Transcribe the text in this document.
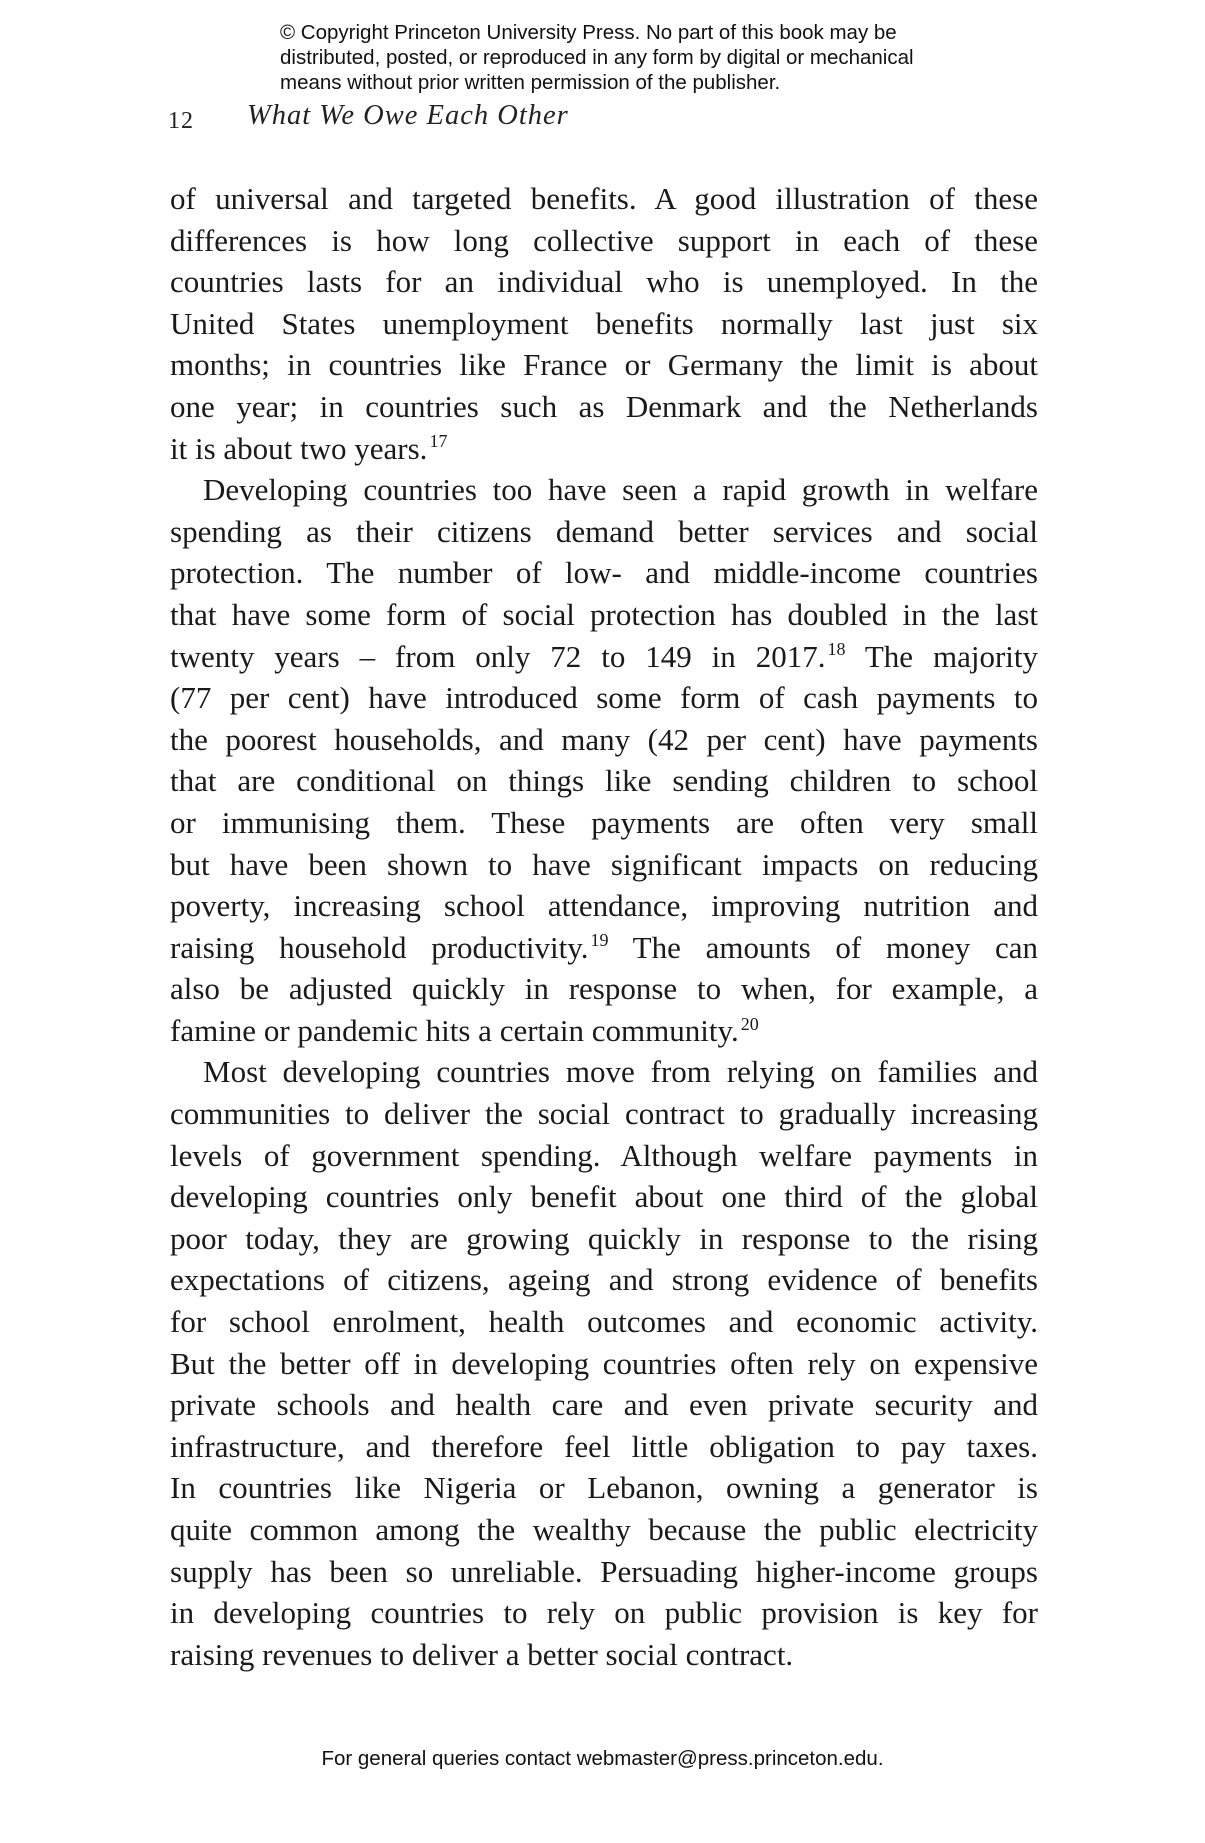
© Copyright Princeton University Press. No part of this book may be
distributed, posted, or reproduced in any form by digital or mechanical
means without prior written permission of the publisher.
12 What We Owe Each Other
of universal and targeted benefits. A good illustration of these
differences is how long collective support in each of these
countries lasts for an individual who is unemployed. In the
United States unemployment benefits normally last just six
months; in countries like France or Germany the limit is about
one year; in countries such as Denmark and the Netherlands
it is about two years. $^{17}$
Developing countries too have seen a rapid growth in welfare
spending as their citizens demand better services and social
protection. The number of low- and middle-income countries
that have some form of social protection has doubled in the last
twenty years – from only 72 to 149 in 2017. $^{18}$ The majority
(77 per cent) have introduced some form of cash payments to
the poorest households, and many (42 per cent) have payments
that are conditional on things like sending children to school
or immunising them. These payments are often very small
but have been shown to have significant impacts on reducing
poverty, increasing school attendance, improving nutrition and
raising household productivity. $^{19}$ The amounts of money can
also be adjusted quickly in response to when, for example, a
famine or pandemic hits a certain community. $^{20}$
Most developing countries move from relying on families and
communities to deliver the social contract to gradually increasing
levels of government spending. Although welfare payments in
developing countries only benefit about one third of the global
poor today, they are growing quickly in response to the rising
expectations of citizens, ageing and strong evidence of benefits
for school enrolment, health outcomes and economic activity.
But the better off in developing countries often rely on expensive
private schools and health care and even private security and
infrastructure, and therefore feel little obligation to pay taxes.
In countries like Nigeria or Lebanon, owning a generator is
quite common among the wealthy because the public electricity
supply has been so unreliable. Persuading higher-income groups
in developing countries to rely on public provision is key for
raising revenues to deliver a better social contract.
For general queries contact webmaster@press.princeton.edu.
